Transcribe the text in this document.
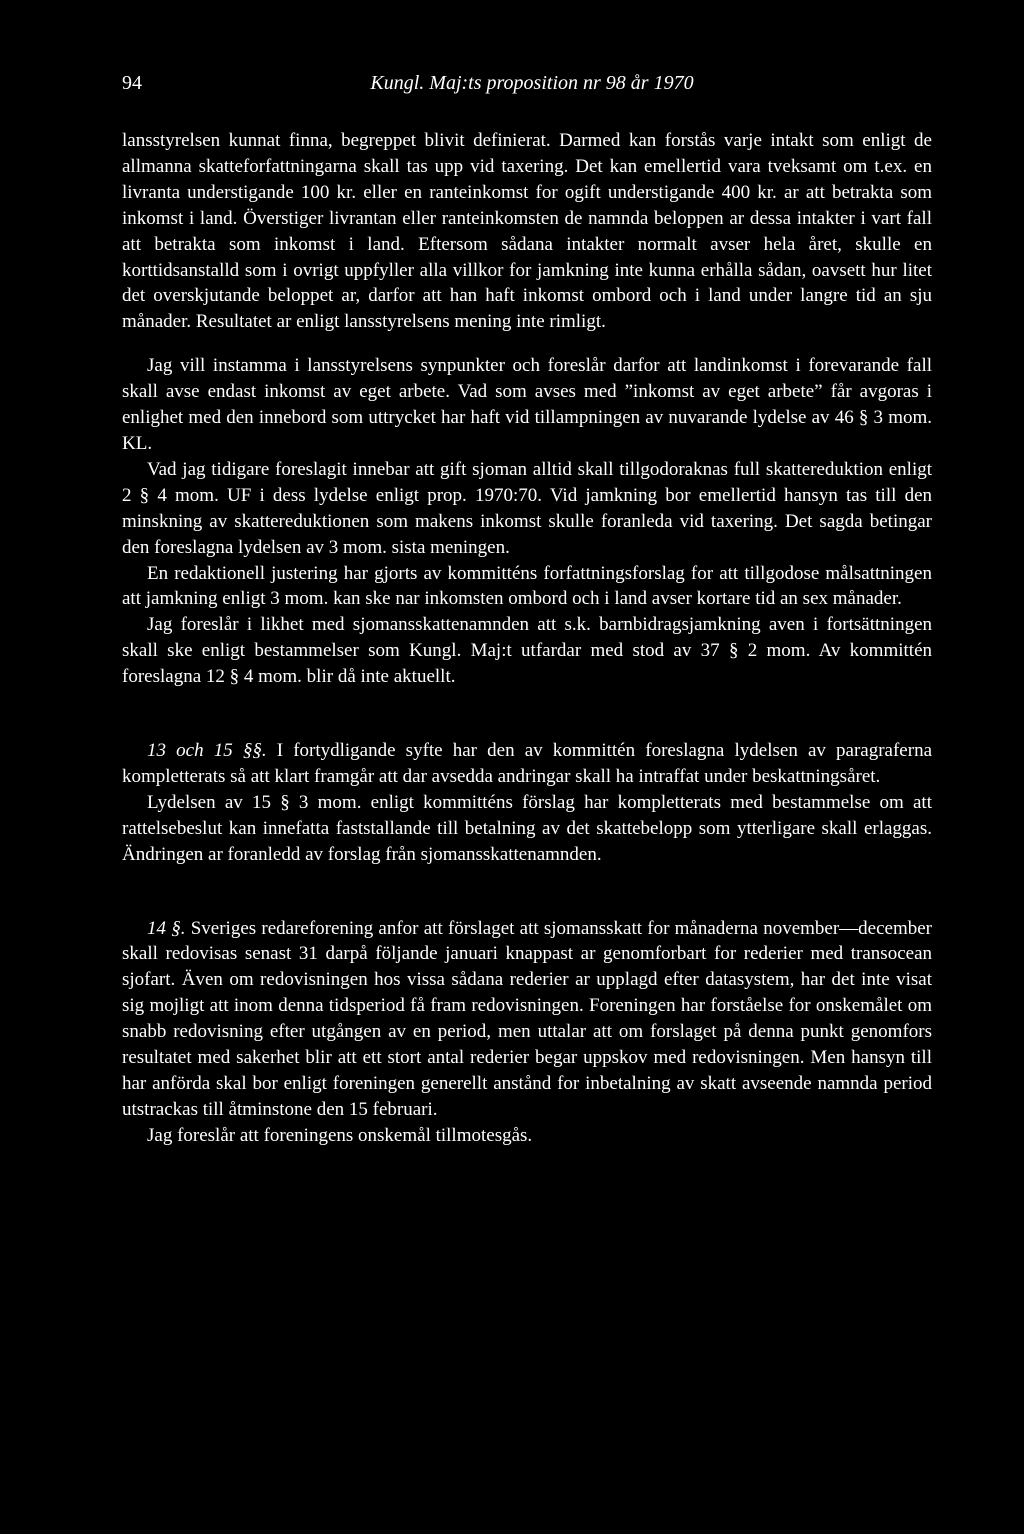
94	Kungl. Maj:ts proposition nr 98 år 1970

lansstyrelsen kunnat finna, begreppet blivit definierat. Darmed kan forstås varje intakt som enligt de allmanna skatteforfattningarna skall tas upp vid taxering. Det kan emellertid vara tveksamt om t.ex. en livranta understigande 100 kr. eller en ranteinkomst for ogift understigande 400 kr. ar att betrakta som inkomst i land. Överstiger livrantan eller ranteinkomsten de namnda beloppen ar dessa intakter i vart fall att betrakta som inkomst i land. Eftersom sådana intakter normalt avser hela året, skulle en korttidsanstalld som i ovrigt uppfyller alla villkor for jamkning inte kunna erhålla sådan, oavsett hur litet det overskjutande beloppet ar, darfor att han haft inkomst ombord och i land under langre tid an sju månader. Resultatet ar enligt lansstyrelsens mening inte rimligt.

Jag vill instamma i lansstyrelsens synpunkter och foreslår darfor att landinkomst i forevarande fall skall avse endast inkomst av eget arbete. Vad som avses med ”inkomst av eget arbete” får avgoras i enlighet med den innebord som uttrycket har haft vid tillampningen av nuvarande lydelse av 46 § 3 mom. KL.

Vad jag tidigare foreslagit innebar att gift sjoman alltid skall tillgodoraknas full skattereduktion enligt 2 § 4 mom. UF i dess lydelse enligt prop. 1970:70. Vid jamkning bor emellertid hansyn tas till den minskning av skattereduktionen som makens inkomst skulle foranleda vid taxering. Det sagda betingar den foreslagna lydelsen av 3 mom. sista meningen.

En redaktionell justering har gjorts av kommitténs forfattningsforslag for att tillgodose målsattningen att jamkning enligt 3 mom. kan ske nar inkomsten ombord och i land avser kortare tid an sex månader.

Jag foreslår i likhet med sjomansskattenamnden att s.k. barnbidragsjamkning aven i fortsättningen skall ske enligt bestammelser som Kungl. Maj:t utfardar med stod av 37 § 2 mom. Av kommittén foreslagna 12 § 4 mom. blir då inte aktuellt.

13 och 15 §§. I fortydligande syfte har den av kommittén foreslagna lydelsen av paragraferna kompletterats så att klart framgår att dar avsedda andringar skall ha intraffat under beskattningsåret.

Lydelsen av 15 § 3 mom. enligt kommitténs förslag har kompletterats med bestammelse om att rattelsebeslut kan innefatta faststallande till betalning av det skattebelopp som ytterligare skall erlaggas. Ändringen ar foranledd av forslag från sjomansskattenamnden.

14 §. Sveriges redareforening anfor att förslaget att sjomansskatt for månaderna november—december skall redovisas senast 31 darpå följande januari knappast ar genomforbart for rederier med transocean sjofart. Även om redovisningen hos vissa sådana rederier ar upplagd efter datasystem, har det inte visat sig mojligt att inom denna tidsperiod få fram redovisningen. Foreningen har forståelse for onskemålet om snabb redovisning efter utgången av en period, men uttalar att om forslaget på denna punkt genomfors resultatet med sakerhet blir att ett stort antal rederier begar uppskov med redovisningen. Men hansyn till har anförda skal bor enligt foreningen generellt anstånd for inbetalning av skatt avseende namnda period utstrackas till åtminstone den 15 februari.

Jag foreslår att foreningens onskemål tillmotesgås.
